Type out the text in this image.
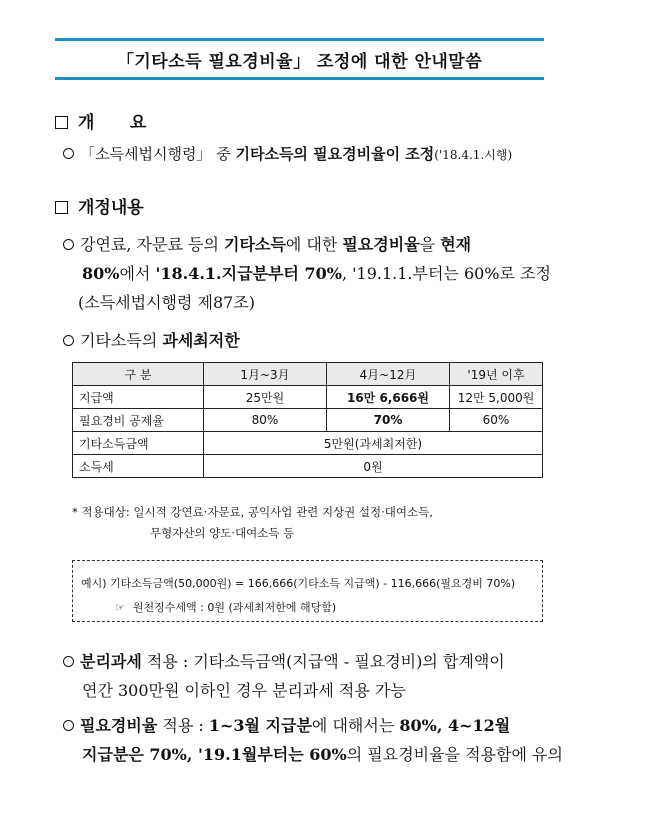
「기타소득 필요경비율」 조정에 대한 안내말씀
개      요
「소득세법시행령」 중 기타소득의 필요경비율이 조정('18.4.1.시행)
개정내용
강연료, 자문료 등의 기타소득에 대한 필요경비율을 현재
80%에서 '18.4.1.지급분부터 70%, '19.1.1.부터는 60%로 조정
(소득세법시행령 제87조)
기타소득의 과세최저한
구 분	1月~3月	4月~12月	'19년 이후
지급액	25만원	16만 6,666원	12만 5,000원
필요경비 공제율	80%	70%	60%
기타소득금액	5만원(과세최저한)		
소득세	0원		
* 적용대상: 일시적 강연료·자문료, 공익사업 관련 지상권 설정·대여소득,
무형자산의 양도·대여소득 등
예시) 기타소득금액(50,000원) = 166,666(기타소득 지급액) - 116,666(필요경비 70%)
☞ 원천징수세액 : 0원 (과세최저한에 해당함)
분리과세 적용 : 기타소득금액(지급액 - 필요경비)의 합계액이
연간 300만원 이하인 경우 분리과세 적용 가능
필요경비율 적용 : 1~3월 지급분에 대해서는 80%, 4~12월
지급분은 70%, '19.1월부터는 60%의 필요경비율을 적용함에 유의
